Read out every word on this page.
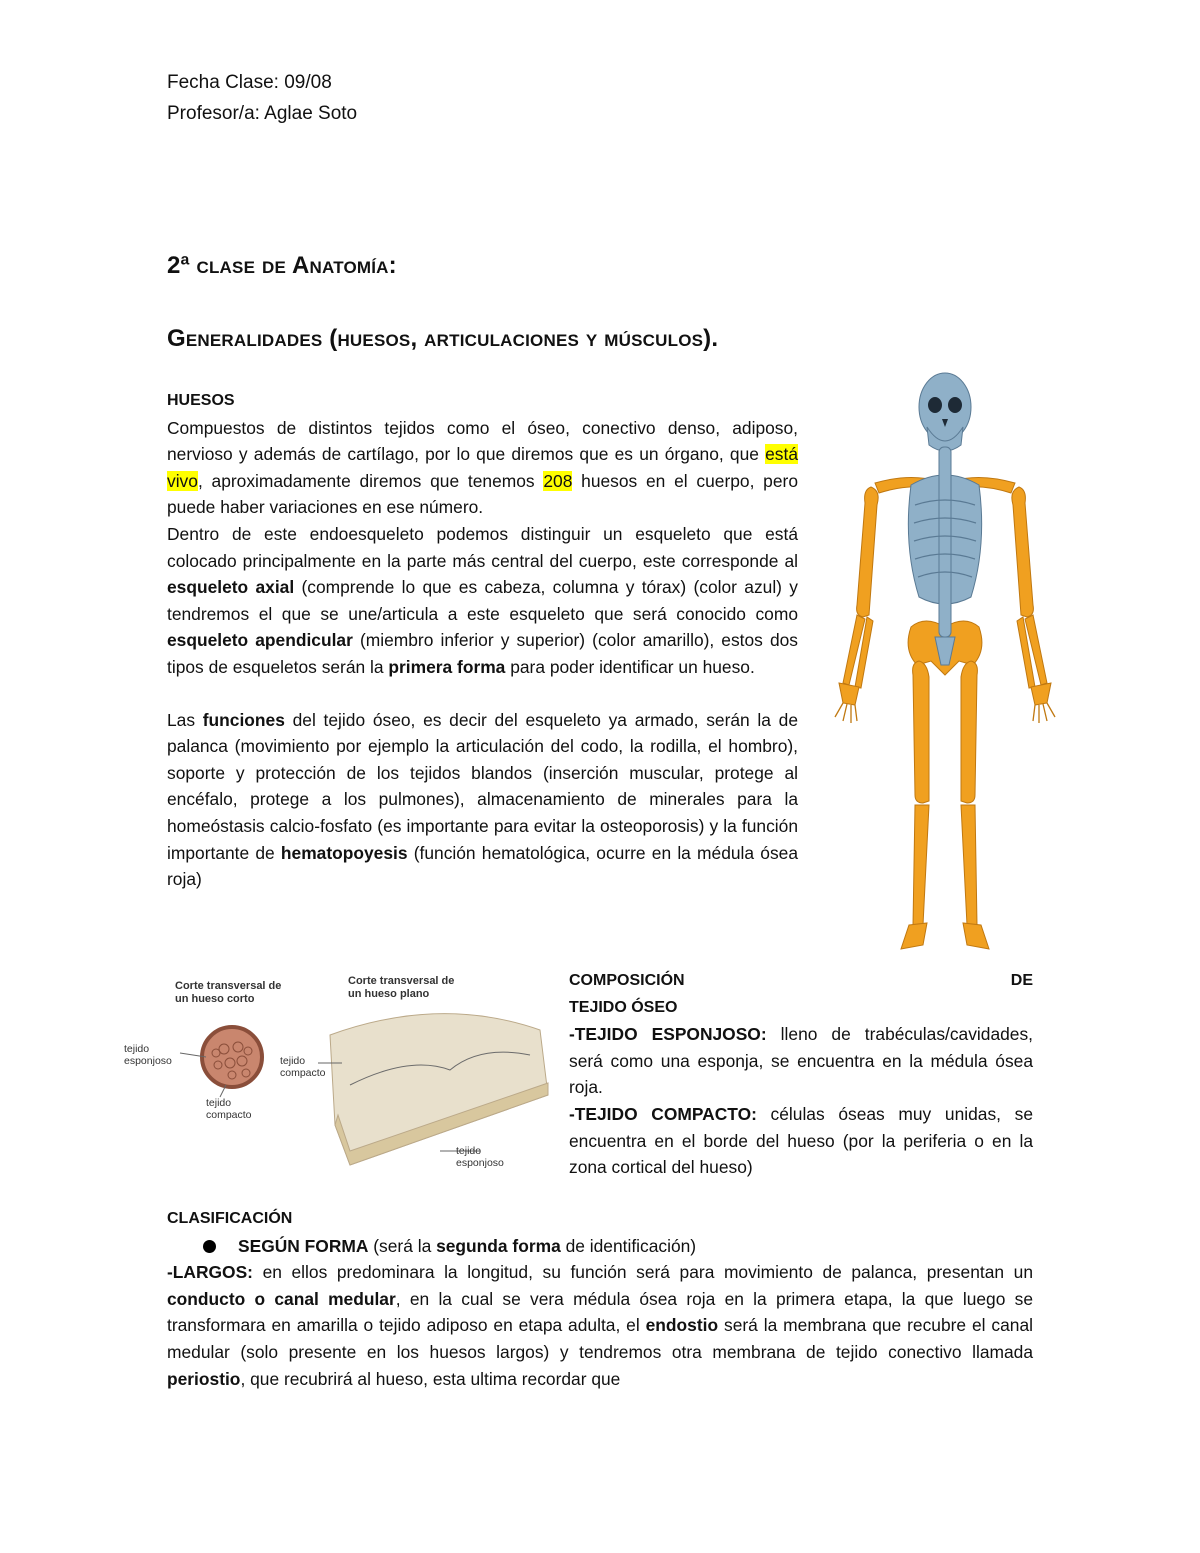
Fecha Clase: 09/08
Profesor/a: Aglae Soto
2ª clase de Anatomía:
Generalidades (huesos, articulaciones y músculos).

HUESOS

Compuestos de distintos tejidos como el óseo, conectivo denso, adiposo, nervioso y además de cartílago, por lo que diremos que es un órgano, que está vivo, aproximadamente diremos que tenemos 208 huesos en el cuerpo, pero puede haber variaciones en ese número.

Dentro de este endoesqueleto podemos distinguir un esqueleto que está colocado principalmente en la parte más central del cuerpo, este corresponde al esqueleto axial (comprende lo que es cabeza, columna y tórax) (color azul) y tendremos el que se une/articula a este esqueleto que será conocido como esqueleto apendicular (miembro inferior y superior) (color amarillo), estos dos tipos de esqueletos serán la primera forma para poder identificar un hueso.

Las funciones del tejido óseo, es decir del esqueleto ya armado, serán la de palanca (movimiento por ejemplo la articulación del codo, la rodilla, el hombro), soporte y protección de los tejidos blandos (inserción muscular, protege al encéfalo, protege a los pulmones), almacenamiento de minerales para la homeóstasis calcio-fosfato (es importante para evitar la osteoporosis) y la función importante de hematopoyesis (función hematológica, ocurre en la médula ósea roja)

Corte transversal de
un hueso corto
Corte transversal de
un hueso plano
tejido
esponjoso
tejido
compacto
tejido
compacto
tejido
esponjoso

COMPOSICIÓN	DE

TEJIDO ÓSEO

-TEJIDO ESPONJOSO: lleno de trabéculas/cavidades, será como una esponja, se encuentra en la médula ósea roja.

-TEJIDO COMPACTO: células óseas muy unidas, se encuentra en el borde del hueso (por la periferia o en la zona cortical del hueso)

CLASIFICACIÓN

SEGÚN FORMA (será la segunda forma de identificación)

-LARGOS: en ellos predominara la longitud, su función será para movimiento de palanca, presentan un conducto o canal medular, en la cual se vera médula ósea roja en la primera etapa, la que luego se transformara en amarilla o tejido adiposo en etapa adulta, el endostio será la membrana que recubre el canal medular (solo presente en los huesos largos) y tendremos otra membrana de tejido conectivo llamada periostio, que recubrirá al hueso, esta ultima recordar que
